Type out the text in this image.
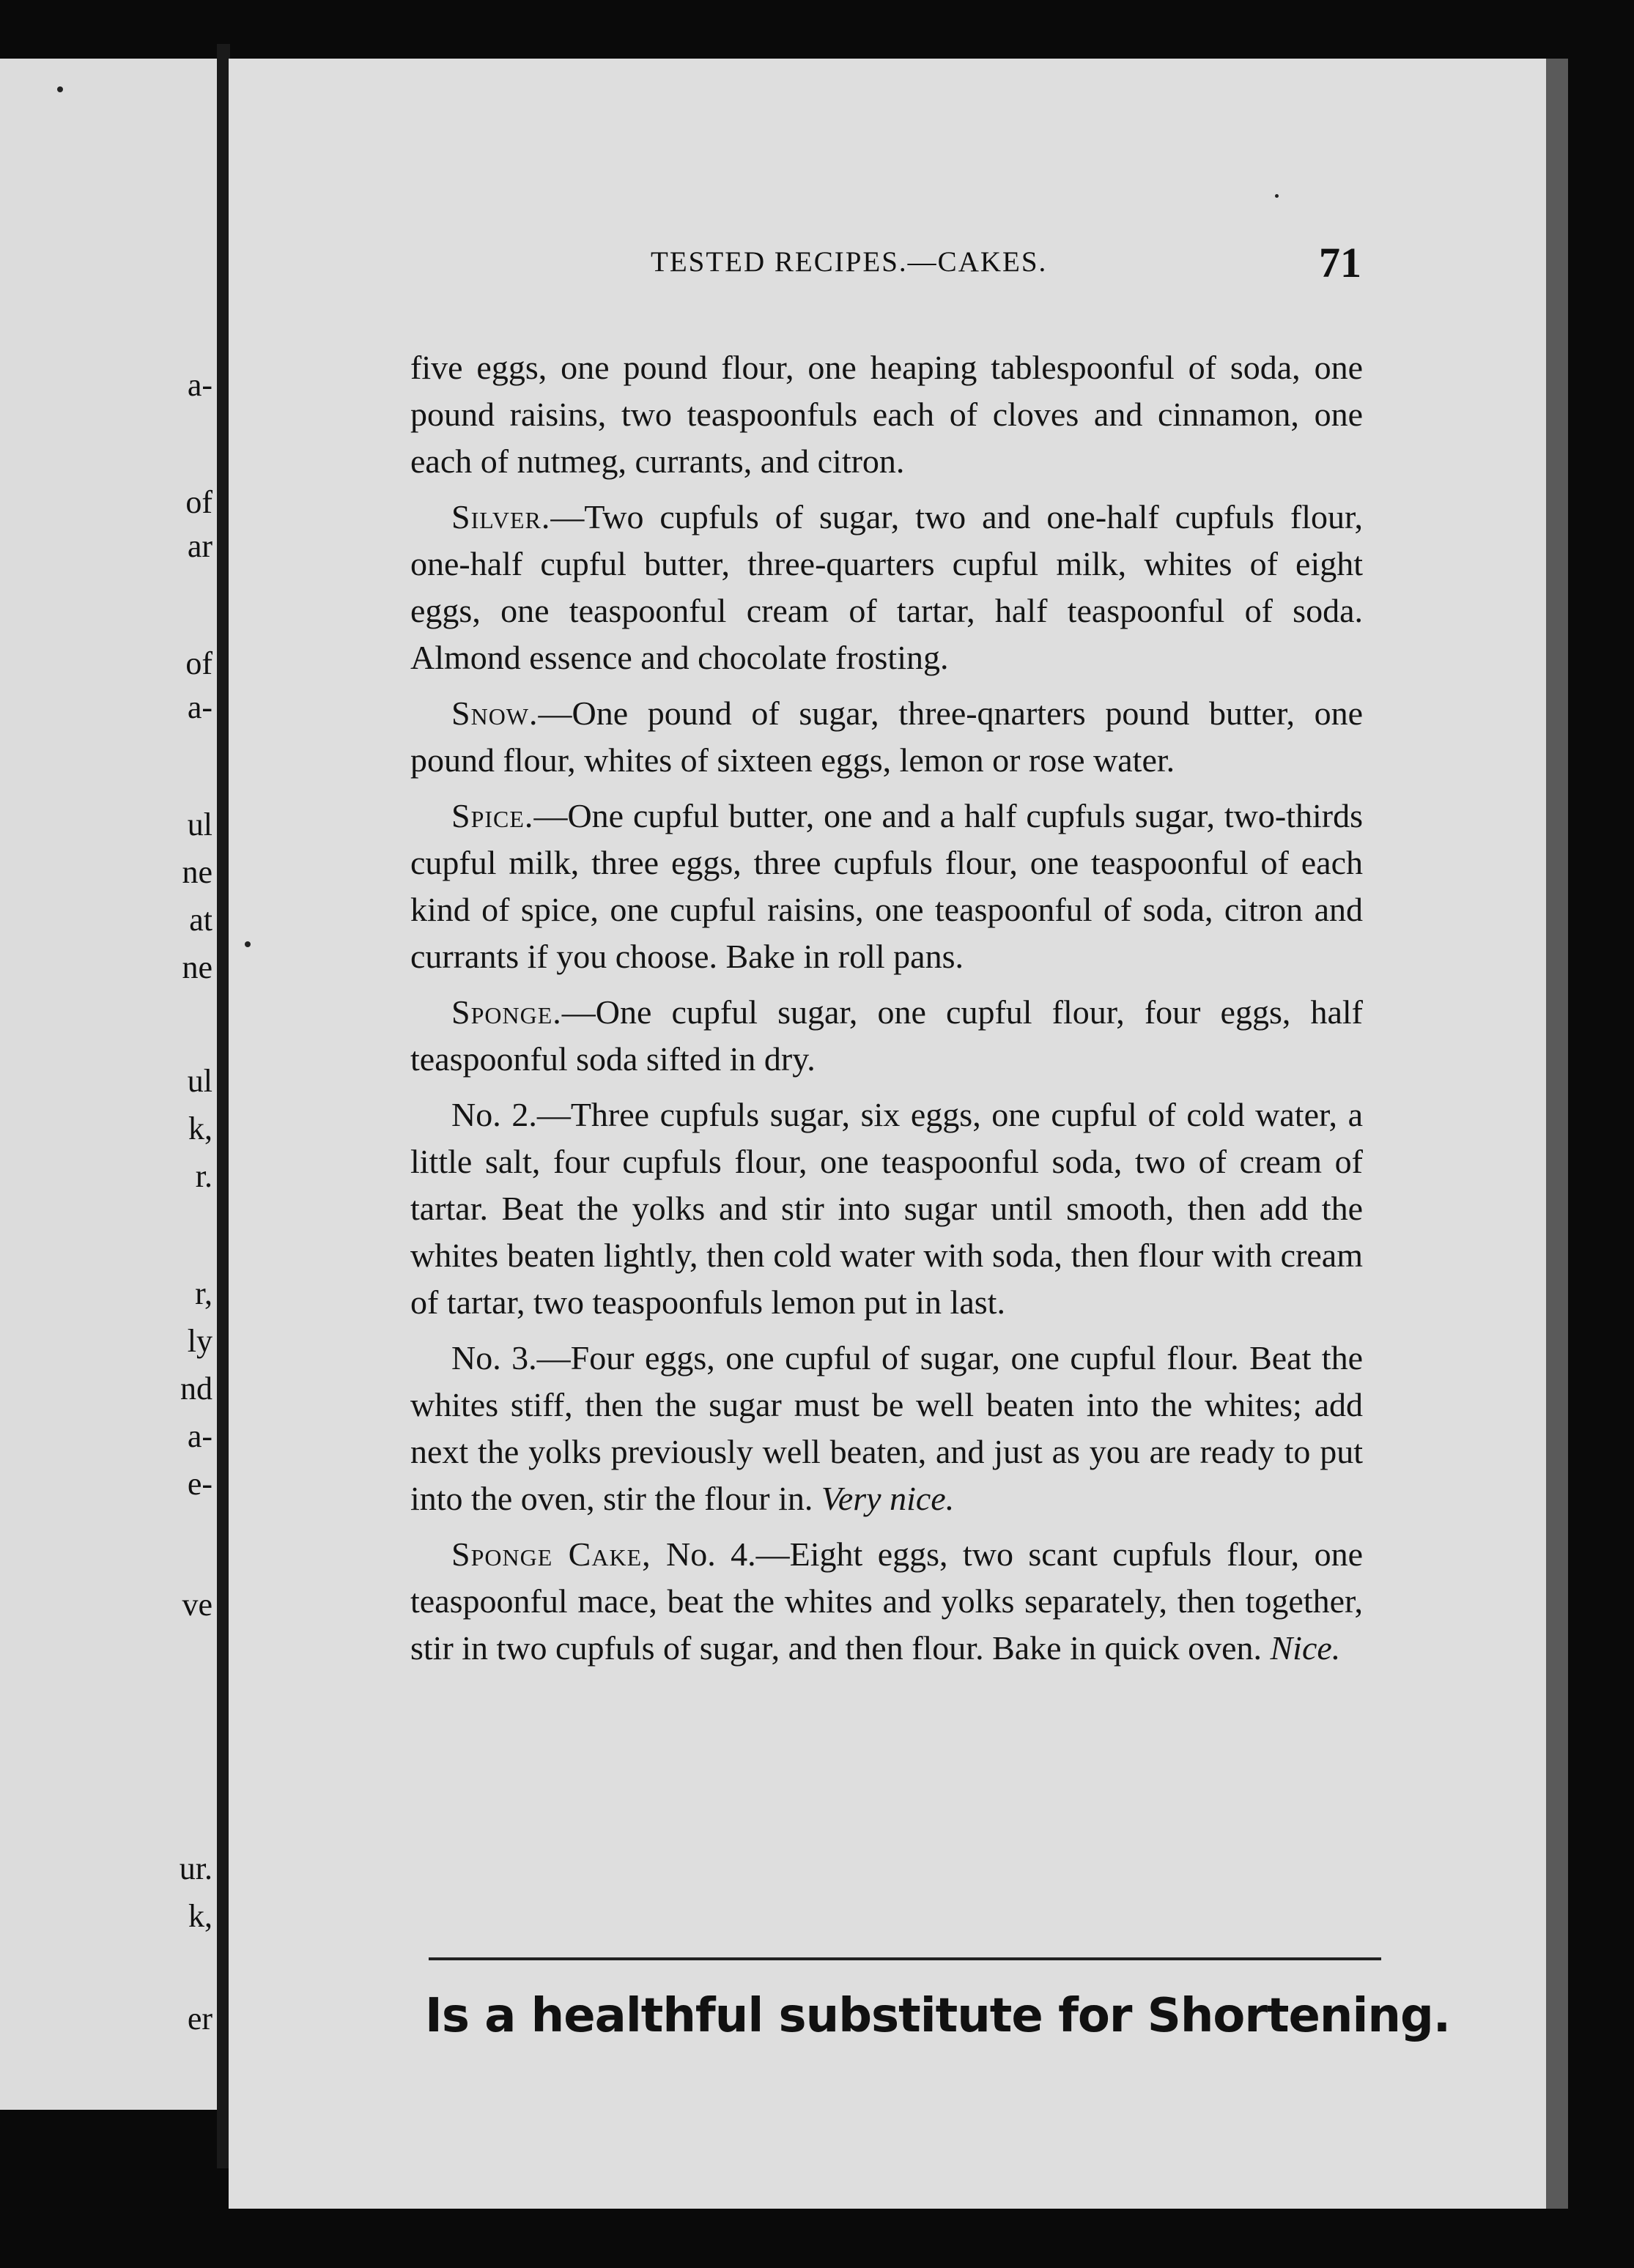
a-
of
ar
of
a-
ul
ne
at
ne
ul
k,
r.
r,
ly
nd
a-
e-
ve
ur.
k,
er
TESTED RECIPES.—CAKES.	71

five eggs, one pound flour, one heaping tablespoonful of soda, one pound raisins, two teaspoonfuls each of cloves and cinnamon, one each of nutmeg, currants, and citron.

Silver.—Two cupfuls of sugar, two and one-half cupfuls flour, one-half cupful butter, three-quarters cupful milk, whites of eight eggs, one teaspoonful cream of tartar, half teaspoonful of soda. Almond essence and chocolate frosting.

Snow.—One pound of sugar, three-qnarters pound butter, one pound flour, whites of sixteen eggs, lemon or rose water.

Spice.—One cupful butter, one and a half cupfuls sugar, two-thirds cupful milk, three eggs, three cupfuls flour, one teaspoonful of each kind of spice, one cupful raisins, one teaspoonful of soda, citron and currants if you choose. Bake in roll pans.

Sponge.—One cupful sugar, one cupful flour, four eggs, half teaspoonful soda sifted in dry.

No. 2.—Three cupfuls sugar, six eggs, one cupful of cold water, a little salt, four cupfuls flour, one teaspoonful soda, two of cream of tartar. Beat the yolks and stir into sugar until smooth, then add the whites beaten lightly, then cold water with soda, then flour with cream of tartar, two teaspoonfuls lemon put in last.

No. 3.—Four eggs, one cupful of sugar, one cupful flour. Beat the whites stiff, then the sugar must be well beaten into the whites; add next the yolks previously well beaten, and just as you are ready to put into the oven, stir the flour in. Very nice.

Sponge Cake, No. 4.—Eight eggs, two scant cupfuls flour, one teaspoonful mace, beat the whites and yolks separately, then together, stir in two cupfuls of sugar, and then flour. Bake in quick oven. Nice.

Is a healthful substitute for Shortening.
